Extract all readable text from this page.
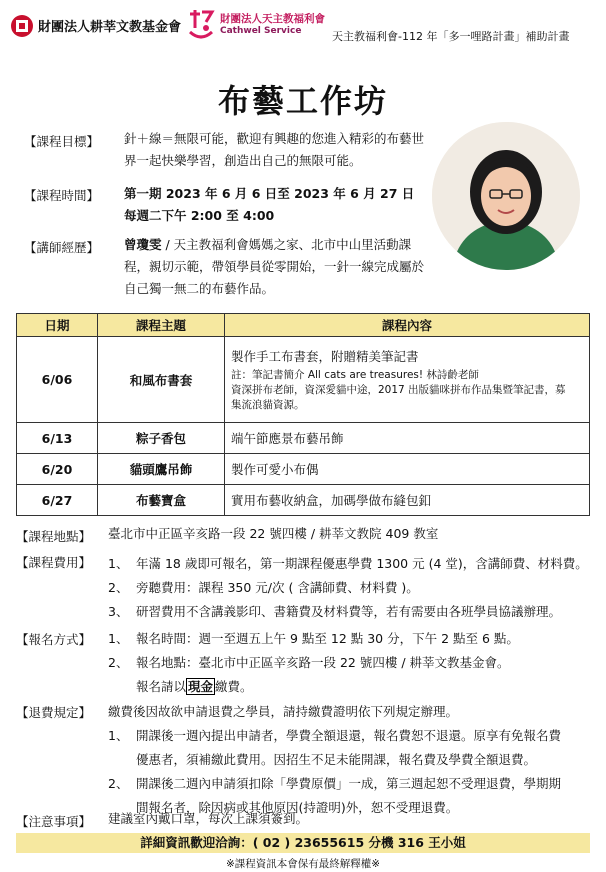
財團法人耕莘文教基金會
財團法人天主教福利會
Cathwel Service	天主教福利會-112 年「多一哩路計畫」補助計畫
布藝工作坊
【課程目標】 針＋線＝無限可能，歡迎有興趣的您進入精彩的布藝世
界一起快樂學習，創造出自己的無限可能。
【課程時間】 第一期 2023 年 6 月 6 日至 2023 年 6 月 27 日
每週二下午 2:00 至 4:00
【講師經歷】 曾瓊雯 / 天主教福利會媽媽之家、北市中山里活動課
程，親切示範，帶領學員從零開始，一針一線完成屬於
自己獨一無二的布藝作品。
日期	課程主題	課程內容
6/06	和風布書套	製作手工布書套，附贈精美筆記書
註：筆記書簡介 All cats are treasures! 林詩齡老師
資深拼布老師，資深愛貓中途，2017 出版貓咪拼布作品集暨筆記書，募
集流浪貓資源。

6/13	粽子香包	端午節應景布藝吊飾
6/20	貓頭鷹吊飾	製作可愛小布偶
6/27	布藝寶盒	實用布藝收納盒，加碼學做布縫包釦
【課程地點】 臺北市中正區辛亥路一段 22 號四樓 / 耕莘文教院 409 教室
【課程費用】 1、 年滿 18 歲即可報名，第一期課程優惠學費 1300 元 (4 堂)，含講師費、材料費。
2、 旁聽費用：課程 350 元/次 ( 含講師費、材料費 )。
3、 研習費用不含講義影印、書籍費及材料費等，若有需要由各班學員協議辦理。
【報名方式】 1、 報名時間：週一至週五上午 9 點至 12 點 30 分，下午 2 點至 6 點。
2、 報名地點：臺北市中正區辛亥路一段 22 號四樓 / 耕莘文教基金會。
報名請以 現金 繳費。
【退費規定】 繳費後因故欲申請退費之學員，請持繳費證明依下列規定辦理。
1、 開課後一週內提出申請者，學費全額退還，報名費恕不退還。原享有免報名費
優惠者，須補繳此費用。因招生不足未能開課，報名費及學費全額退費。
2、 開課後二週內申請須扣除「學費原價」一成，第三週起恕不受理退費，學期期
間報名者，除因病或其他原因(持證明)外，恕不受理退費。
【注意事項】 建議室內戴口罩，每次上課須簽到。
詳細資訊歡迎洽詢：( 02 ) 23655615 分機 316 王小姐
※課程資訊本會保有最終解釋權※
